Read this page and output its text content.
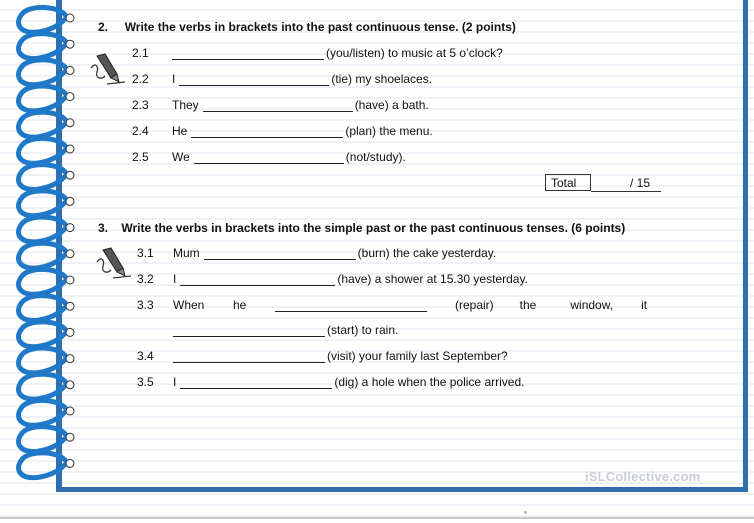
2. Write the verbs in brackets into the past continuous tense. (2 points)
2.1	(you/listen) to music at 5 o’clock?
2.2 I	(tie) my shoelaces.
2.3 They	(have) a bath.
2.4 He	(plan) the menu.
2.5 We	(not/study).
Total	/ 15
3. Write the verbs in brackets into the simple past or the past continuous tenses. (6 points)
3.1 Mum	(burn) the cake yesterday.
3.2 I	(have) a shower at 15.30 yesterday.
3.3 When	he	(repair) the	window, it
(start) to rain.
3.4	(visit) your family last September?
3.5 I	(dig) a hole when the police arrived.
iSLCollective.com
